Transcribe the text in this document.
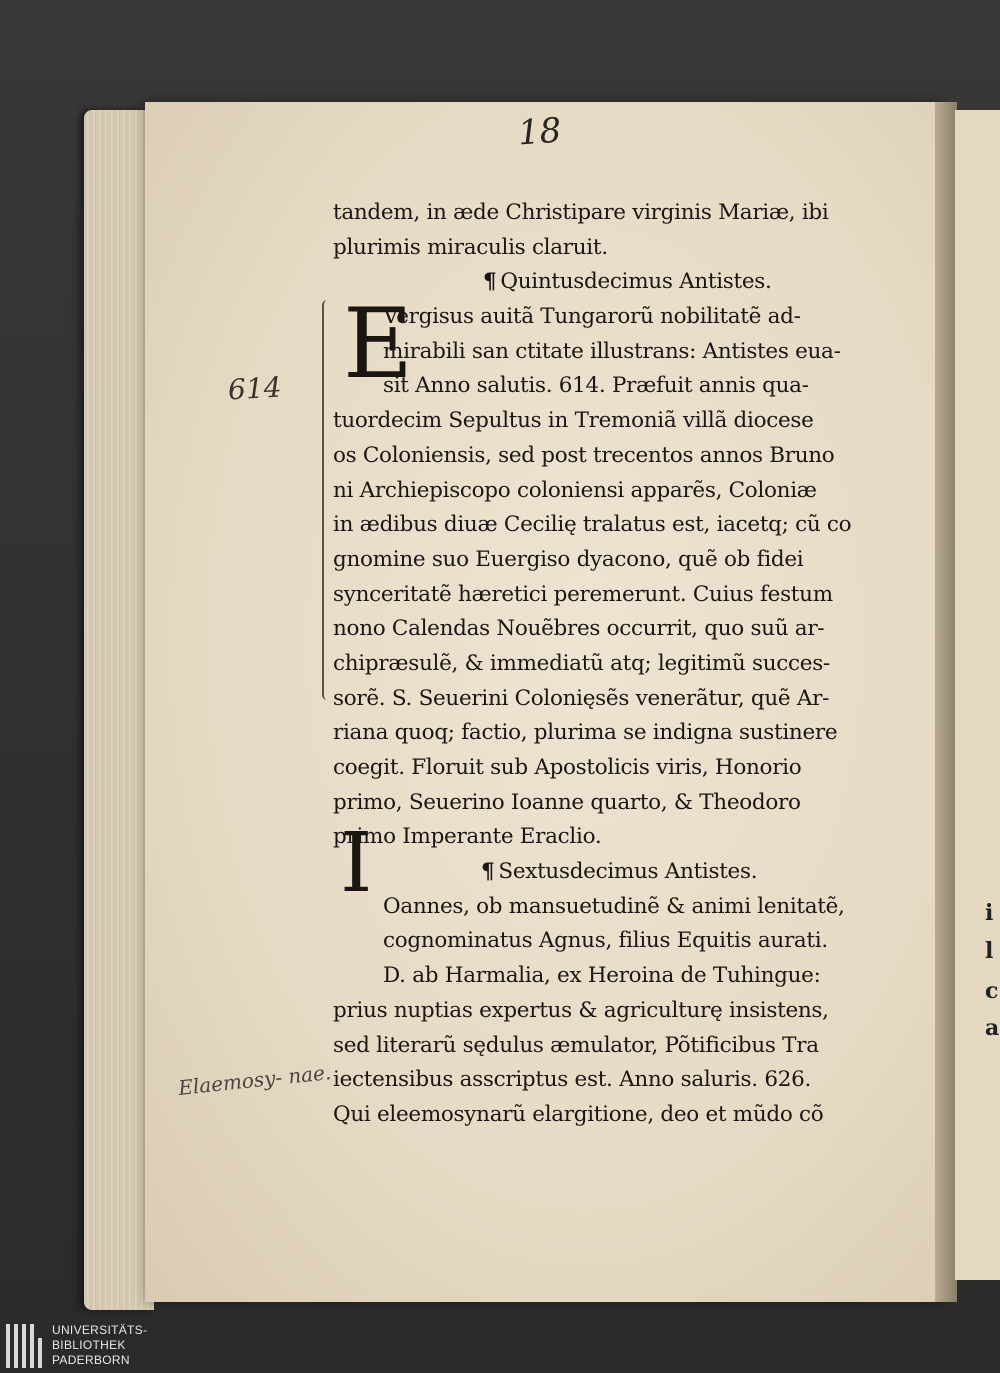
i
l
c
a
18
614
Elaemosy- nae.
E
I
tandem, in æde Christipare virginis Mariæ, ibi
plurimis miraculis claruit.
¶ Quintusdecimus Antistes.
Vergisus auitã Tungarorũ nobilitatẽ ad-
mirabili san ctitate illustrans: Antistes eua-
sit Anno salutis. 614. Præfuit annis qua-
tuordecim Sepultus in Tremoniã villã diocese
os Coloniensis, sed post trecentos annos Bruno
ni Archiepiscopo coloniensi apparẽs, Coloniæ
in ædibus diuæ Cecilię tralatus est, iacetq; cũ co
gnomine suo Euergiso dyacono, quẽ ob fidei
synceritatẽ hæretici peremerunt. Cuius festum
nono Calendas Nouẽbres occurrit, quo suũ ar-
chipræsulẽ, & immediatũ atq; legitimũ succes-
sorẽ. S. Seuerini Colonięsẽs venerãtur, quẽ Ar-
riana quoq; factio, plurima se indigna sustinere
coegit. Floruit sub Apostolicis viris, Honorio
primo, Seuerino Ioanne quarto, & Theodoro
primo Imperante Eraclio.
¶ Sextusdecimus Antistes.
Oannes, ob mansuetudinẽ & animi lenitatẽ,
cognominatus Agnus, filius Equitis aurati.
D. ab Harmalia, ex Heroina de Tuhingue:
prius nuptias expertus & agriculturę insistens,
sed literarũ sędulus æmulator, Põtificibus Tra
iectensibus asscriptus est. Anno saluris. 626.
Qui eleemosynarũ elargitione, deo et mũdo cõ
UNIVERSITÄTS-
BIBLIOTHEK
PADERBORN
